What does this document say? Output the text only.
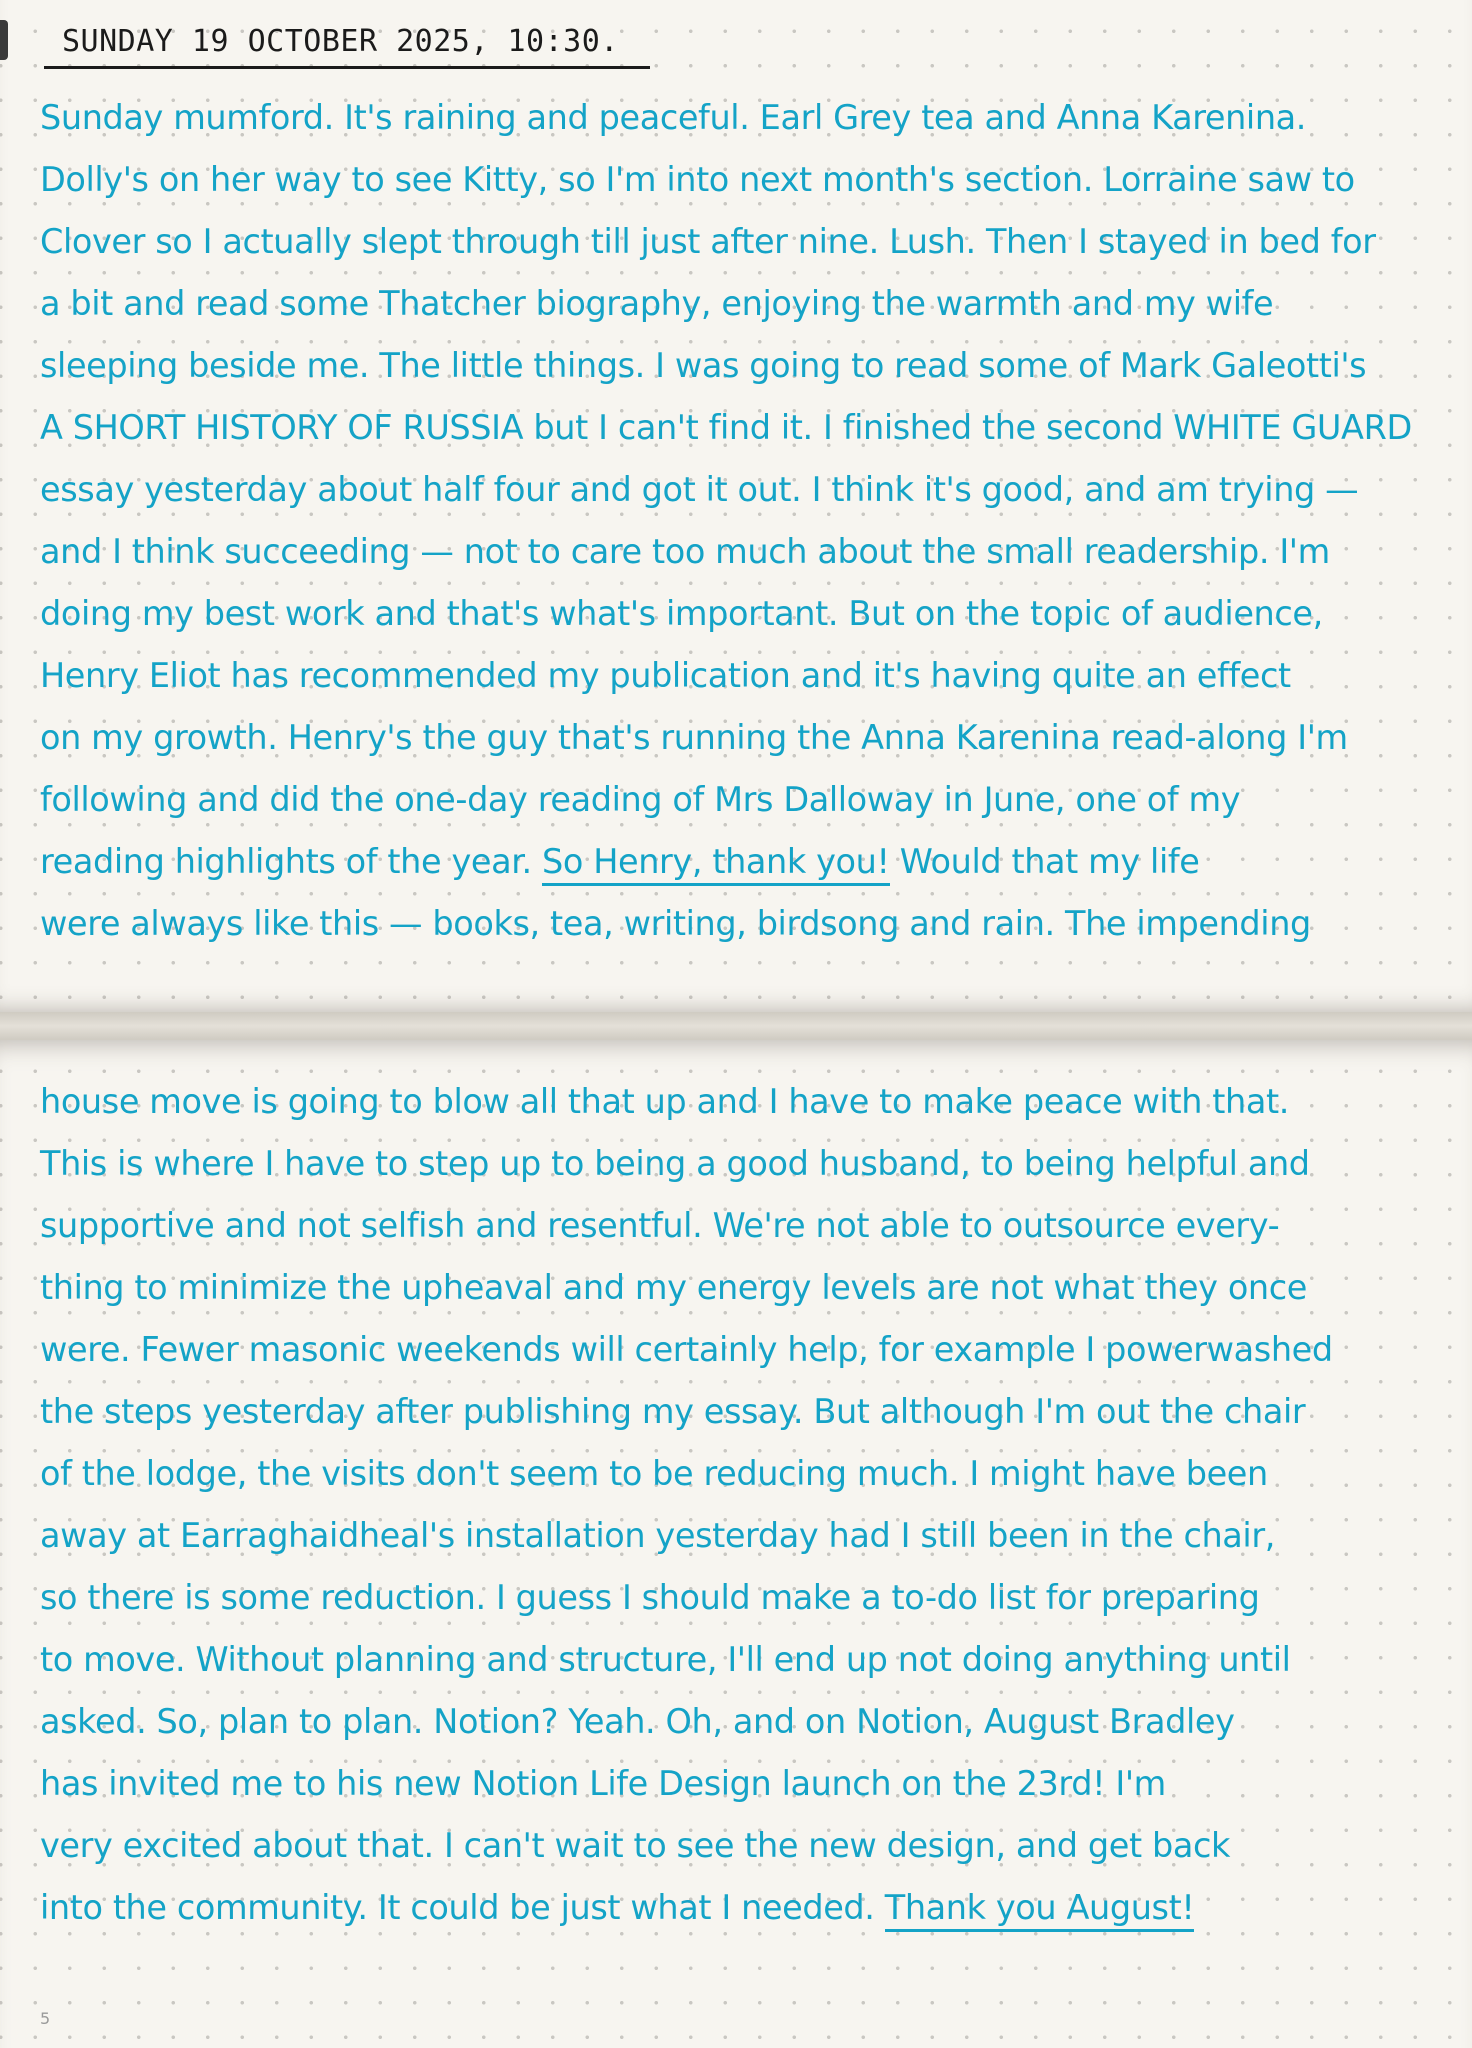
SUNDAY 19 OCTOBER 2025, 10:30.
Sunday mumford. It's raining and peaceful. Earl Grey tea and Anna Karenina.
Dolly's on her way to see Kitty, so I'm into next month's section. Lorraine saw to
Clover so I actually slept through till just after nine. Lush. Then I stayed in bed for
a bit and read some Thatcher biography, enjoying the warmth and my wife
sleeping beside me. The little things. I was going to read some of Mark Galeotti's
A SHORT HISTORY OF RUSSIA but I can't find it. I finished the second WHITE GUARD
essay yesterday about half four and got it out. I think it's good, and am trying —
and I think succeeding — not to care too much about the small readership. I'm
doing my best work and that's what's important. But on the topic of audience,
Henry Eliot has recommended my publication and it's having quite an effect
on my growth. Henry's the guy that's running the Anna Karenina read-along I'm
following and did the one-day reading of Mrs Dalloway in June, one of my
reading highlights of the year. So Henry, thank you! Would that my life
were always like this — books, tea, writing, birdsong and rain. The impending
house move is going to blow all that up and I have to make peace with that.
This is where I have to step up to being a good husband, to being helpful and
supportive and not selfish and resentful. We're not able to outsource every-
thing to minimize the upheaval and my energy levels are not what they once
were. Fewer masonic weekends will certainly help, for example I powerwashed
the steps yesterday after publishing my essay. But although I'm out the chair
of the lodge, the visits don't seem to be reducing much. I might have been
away at Earraghaidheal's installation yesterday had I still been in the chair,
so there is some reduction. I guess I should make a to-do list for preparing
to move. Without planning and structure, I'll end up not doing anything until
asked. So, plan to plan. Notion? Yeah. Oh, and on Notion, August Bradley
has invited me to his new Notion Life Design launch on the 23rd! I'm
very excited about that. I can't wait to see the new design, and get back
into the community. It could be just what I needed. Thank you August!
5
